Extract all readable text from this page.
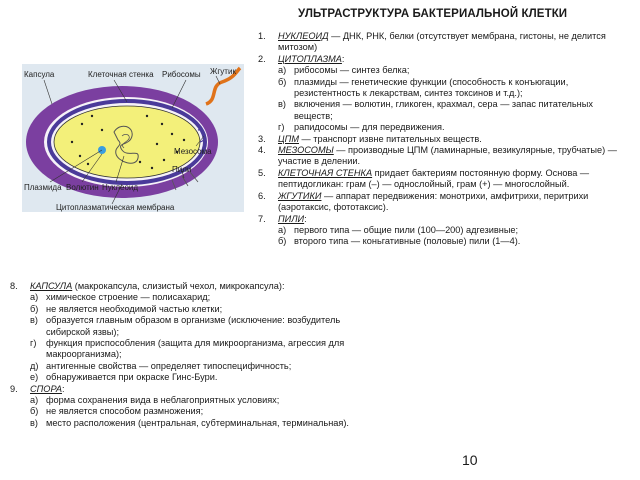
УЛЬТРАСТРУКТУРА БАКТЕРИАЛЬНОЙ КЛЕТКИ
Капсула	Клеточная стенка Рибосомы Жгутик
Мезосома
Пили
Плазмида Волютин Нуклеоид
Цитоплазматическая мембрана
1.	НУКЛЕОИД — ДНК, РНК, белки (отсутствует мембрана, гистоны, не делится митозом)
2.	ЦИТОПЛАЗМА:
а) рибосомы — синтез белка;
б) плазмиды — генетические функции (способность к конъюгации, резистентность к лекарствам, синтез токсинов и т.д.);
в) включения — волютин, гликоген, крахмал, сера — запас питательных веществ;
г)	рапидосомы — для передвижения.
3.	ЦПМ — транспорт извне питательных веществ.
4.	МЕЗОСОМЫ — производные ЦПМ (ламинарные, везикулярные, трубчатые) — участие в делении.
5.	КЛЕТОЧНАЯ СТЕНКА придает бактериям постоянную форму. Основа — пептидогликан: грам (–) — однослойный, грам (+) — многослойный.
6.	ЖГУТИКИ — аппарат передвижения: монотрихи, амфитрихи, перитрихи (аэротаксис, фототаксис).
7.	ПИЛИ:
а) первого типа — общие пили (100—200) адгезивные;
б) второго типа — коньгативные (половые) пили (1—4).
8.	КАПСУЛА (макрокапсула, слизистый чехол, микрокапсула):
а) химическое строение — полисахарид;
б) не является необходимой частью клетки;
в) образуется главным образом в организме (исключение: возбудитель сибирской язвы);
г)	функция приспособления (защита для микроорганизма, агрессия для макроорганизма);
д) антигенные свойства — определяет типоспецифичность;
е) обнаруживается при окраске Гинс-Бури.
9.	СПОРА:
а) форма сохранения вида в неблагоприятных условиях;
б) не является способом размножения;
в) место расположения (центральная, субтерминальная, терминальная).
10
